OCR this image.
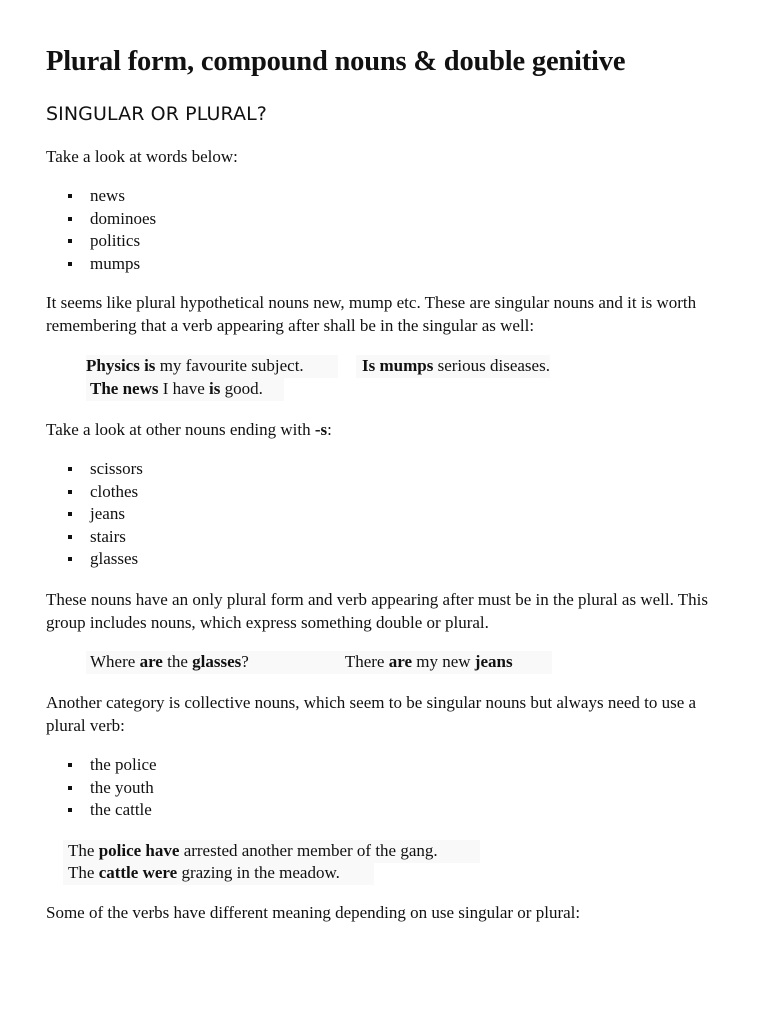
Plural form, compound nouns & double genitive
SINGULAR OR PLURAL?

Take a look at words below:

news
dominoes
politics
mumps

It seems like plural hypothetical nouns new, mump etc. These are singular nouns and it is worth remembering that a verb appearing after shall be in the singular as well:

Physics is my favourite subject.	Is mumps serious diseases.
The news I have is good.

Take a look at other nouns ending with -s:

scissors
clothes
jeans
stairs
glasses

These nouns have an only plural form and verb appearing after must be in the plural as well. This group includes nouns, which express something double or plural.

Where are the glasses?	There are my new jeans

Another category is collective nouns, which seem to be singular nouns but always need to use a plural verb:

the police
the youth
the cattle
The police have arrested another member of the gang.
The cattle were grazing in the meadow.

Some of the verbs have different meaning depending on use singular or plural:
